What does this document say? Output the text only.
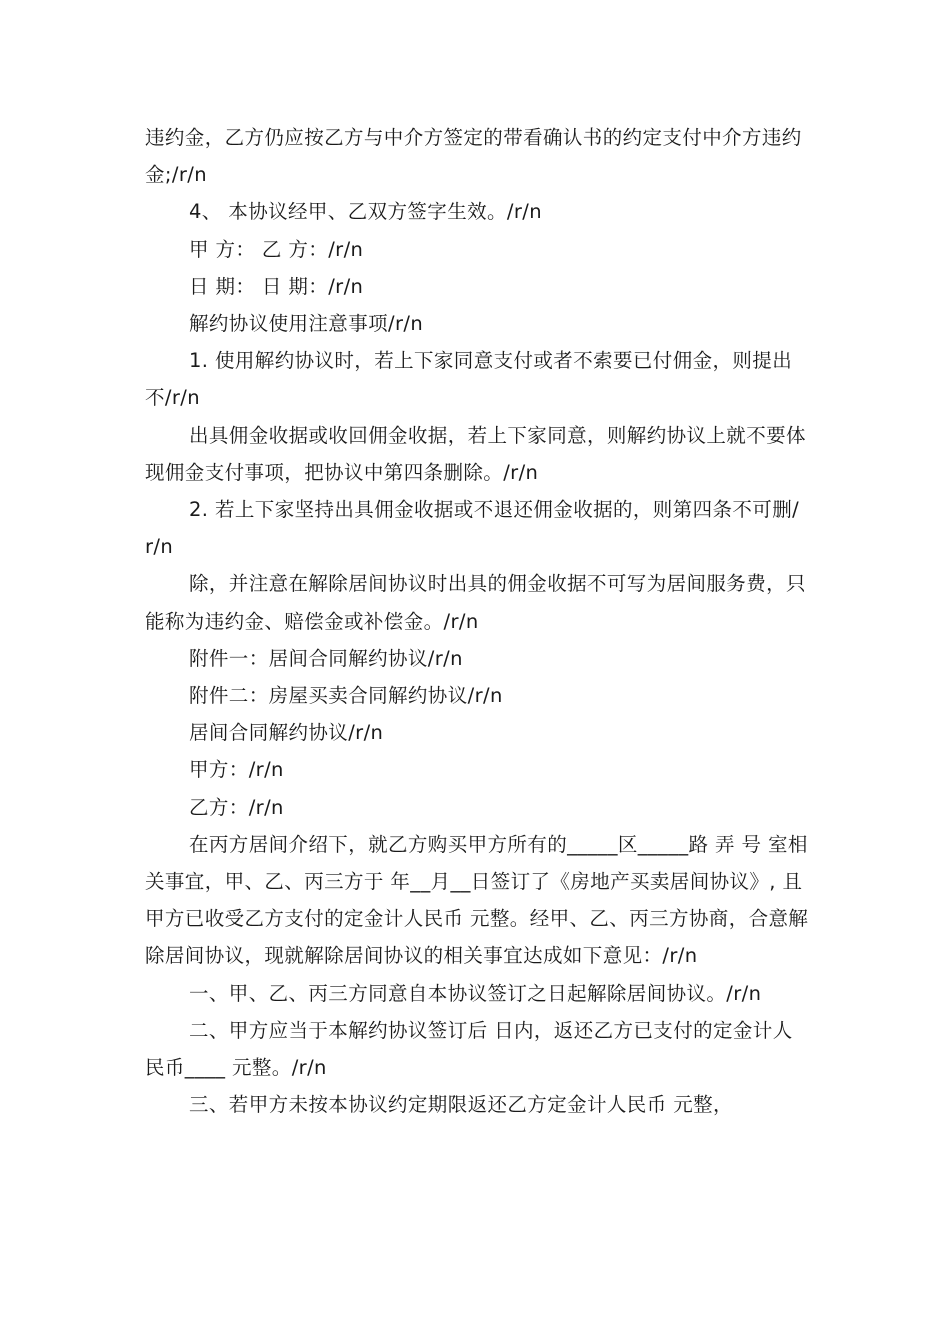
违约金，乙方仍应按乙方与中介方签定的带看确认书的约定支付中介方违约金;/r/n

4、 本协议经甲、乙双方签字生效。/r/n

甲 方： 乙 方：/r/n

日 期： 日 期：/r/n

解约协议使用注意事项/r/n

1. 使用解约协议时，若上下家同意支付或者不索要已付佣金，则提出不/r/n

出具佣金收据或收回佣金收据，若上下家同意，则解约协议上就不要体现佣金支付事项，把协议中第四条删除。/r/n

2. 若上下家坚持出具佣金收据或不退还佣金收据的，则第四条不可删/r/n

除，并注意在解除居间协议时出具的佣金收据不可写为居间服务费，只能称为违约金、赔偿金或补偿金。/r/n

附件一：居间合同解约协议/r/n

附件二：房屋买卖合同解约协议/r/n

居间合同解约协议/r/n

甲方：/r/n

乙方：/r/n

在丙方居间介绍下，就乙方购买甲方所有的_____区_____路 弄 号 室相关事宜，甲、乙、丙三方于 年__月__日签订了《房地产买卖居间协议》, 且甲方已收受乙方支付的定金计人民币 元整。经甲、乙、丙三方协商，合意解除居间协议，现就解除居间协议的相关事宜达成如下意见：/r/n

一、甲、乙、丙三方同意自本协议签订之日起解除居间协议。/r/n

二、甲方应当于本解约协议签订后 日内，返还乙方已支付的定金计人民币____ 元整。/r/n

三、若甲方未按本协议约定期限返还乙方定金计人民币 元整，
